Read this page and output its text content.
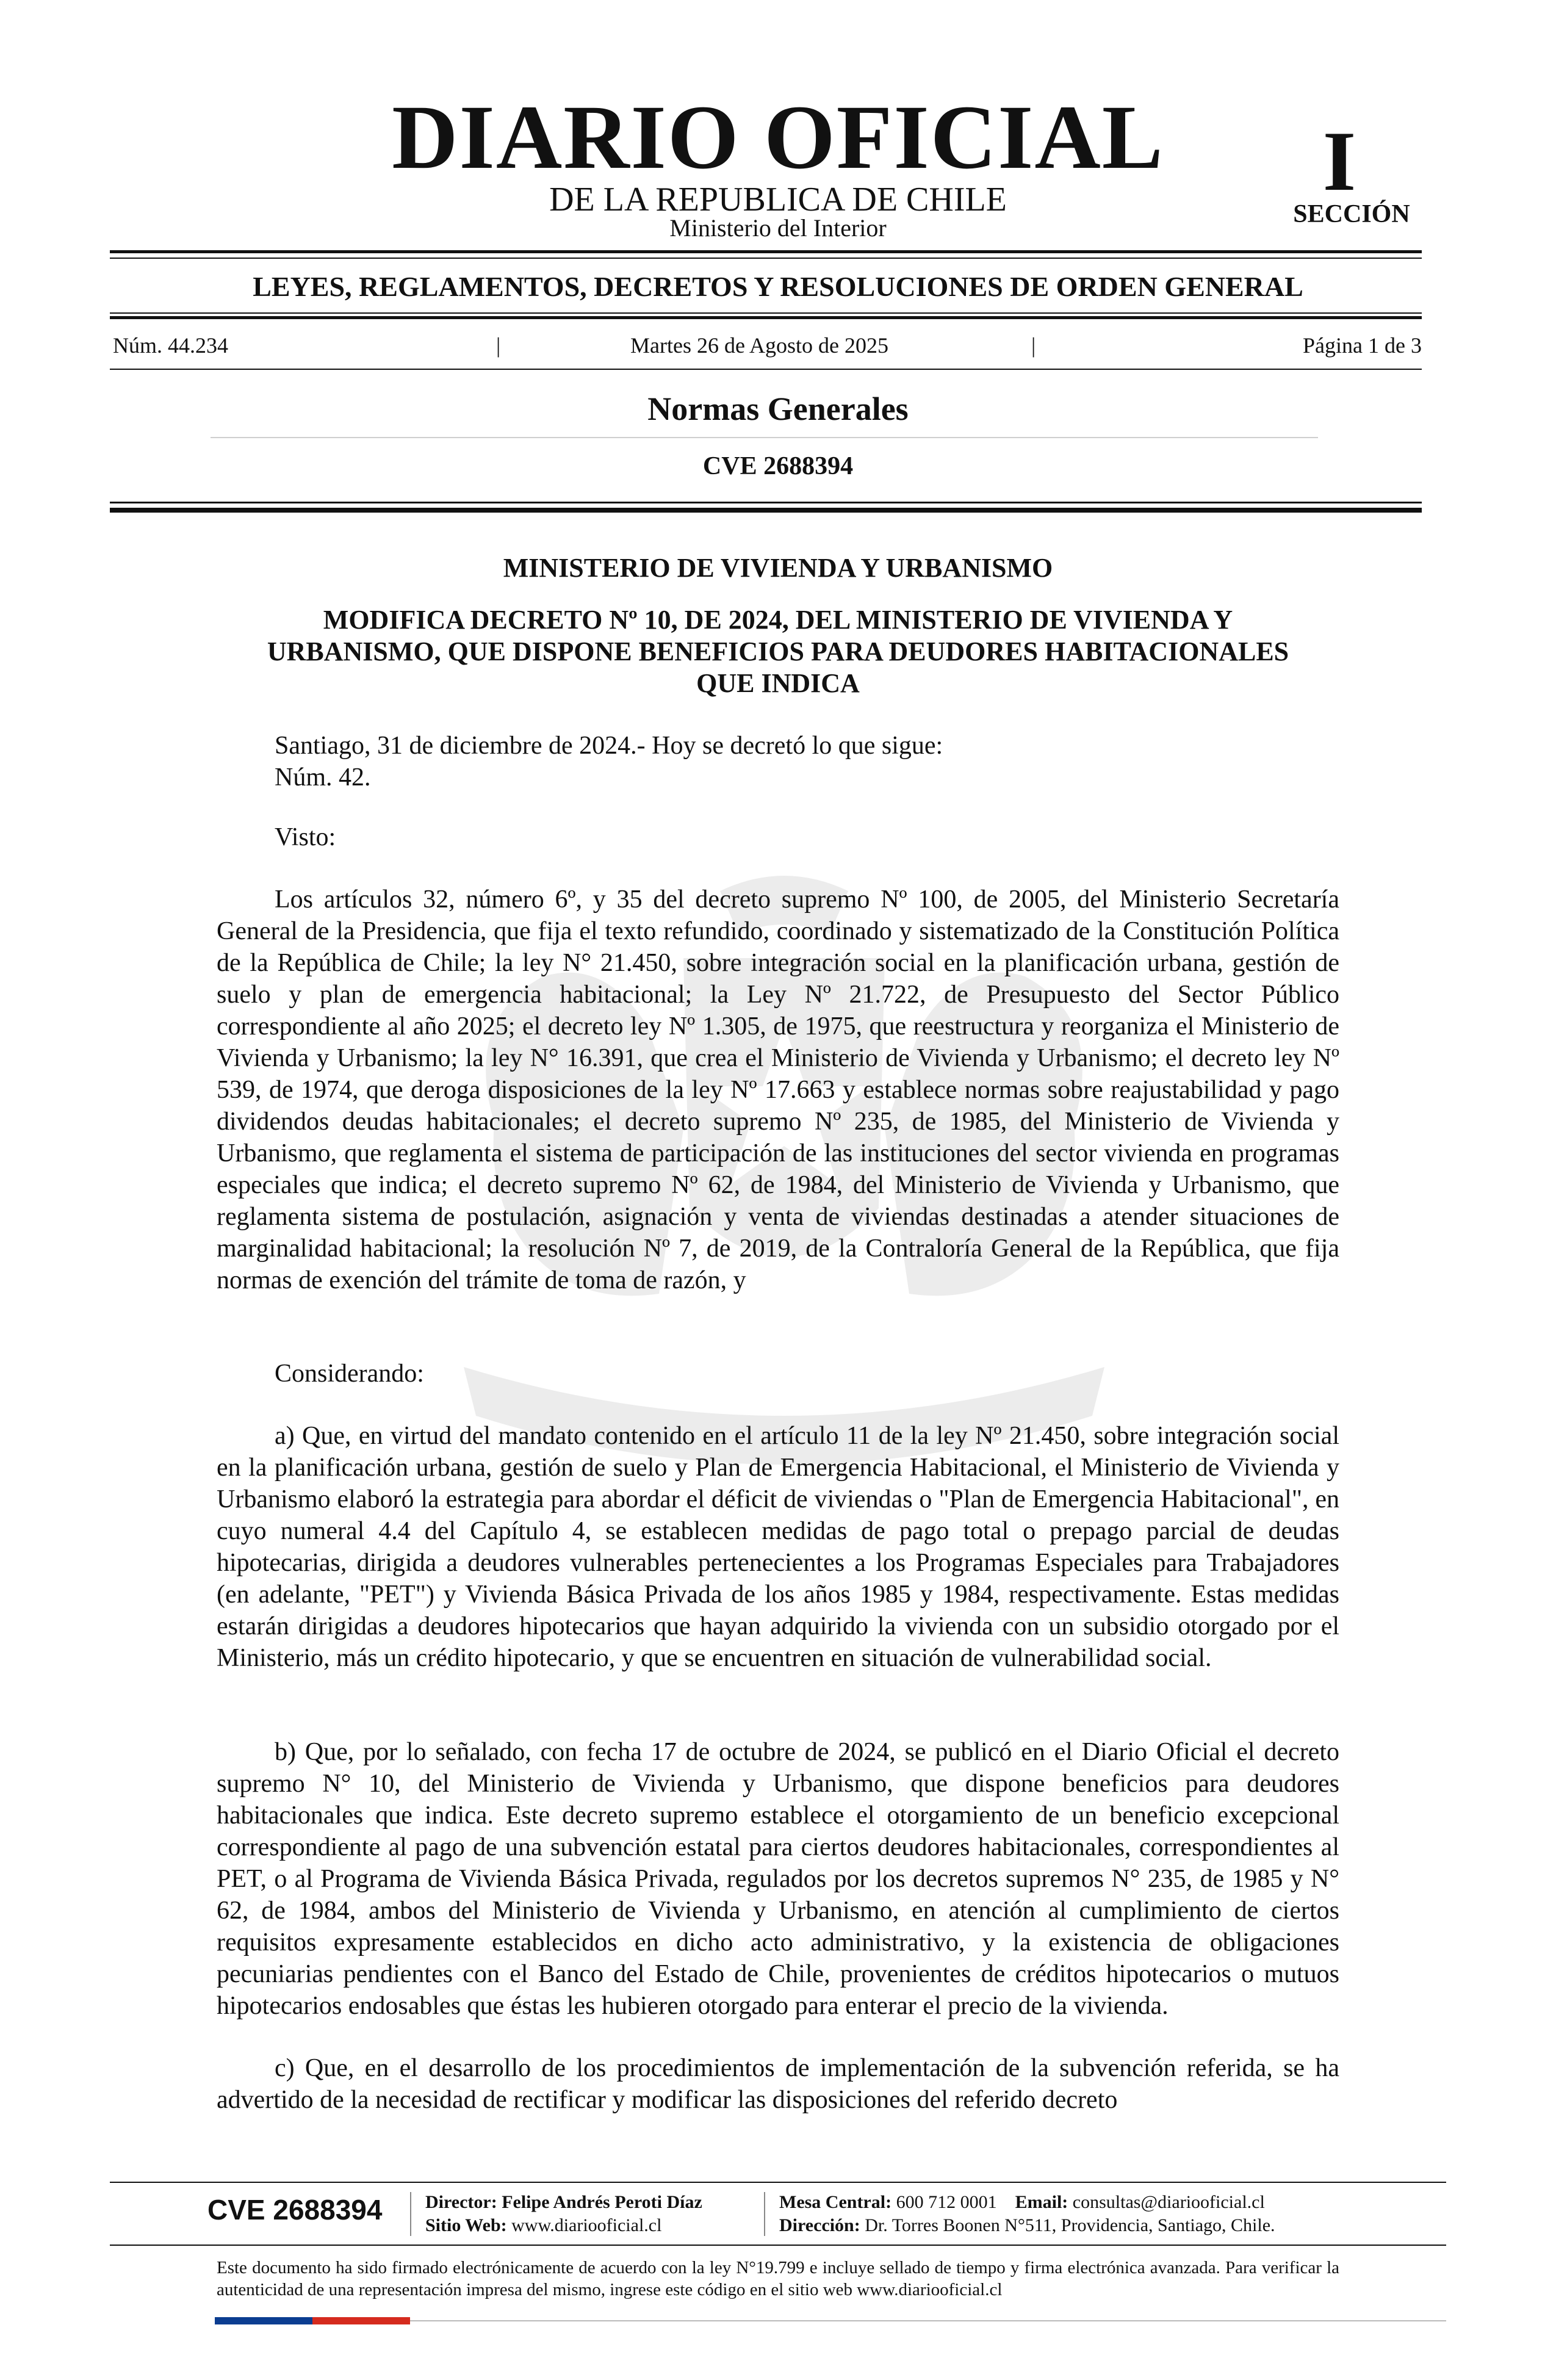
DIARIO OFICIAL
DE LA REPUBLICA DE CHILE
Ministerio del Interior
I
SECCIÓN
LEYES, REGLAMENTOS, DECRETOS Y RESOLUCIONES DE ORDEN GENERAL
Núm. 44.234	|	Martes 26 de Agosto de 2025	|	Página 1 de 3
Normas Generales
CVE 2688394
MINISTERIO DE VIVIENDA Y URBANISMO
MODIFICA DECRETO Nº 10, DE 2024, DEL MINISTERIO DE VIVIENDA Y
URBANISMO, QUE DISPONE BENEFICIOS PARA DEUDORES HABITACIONALES
QUE INDICA
Santiago, 31 de diciembre de 2024.- Hoy se decretó lo que sigue:
Núm. 42.
Visto:
Los artículos 32, número 6º, y 35 del decreto supremo Nº 100, de 2005, del Ministerio Secretaría General de la Presidencia, que fija el texto refundido, coordinado y sistematizado de la Constitución Política de la República de Chile; la ley N° 21.450, sobre integración social en la planificación urbana, gestión de suelo y plan de emergencia habitacional; la Ley Nº 21.722, de Presupuesto del Sector Público correspondiente al año 2025; el decreto ley Nº 1.305, de 1975, que reestructura y reorganiza el Ministerio de Vivienda y Urbanismo; la ley N° 16.391, que crea el Ministerio de Vivienda y Urbanismo; el decreto ley Nº 539, de 1974, que deroga disposiciones de la ley Nº 17.663 y establece normas sobre reajustabilidad y pago dividendos deudas habitacionales; el decreto supremo Nº 235, de 1985, del Ministerio de Vivienda y Urbanismo, que reglamenta el sistema de participación de las instituciones del sector vivienda en programas especiales que indica; el decreto supremo Nº 62, de 1984, del Ministerio de Vivienda y Urbanismo, que reglamenta sistema de postulación, asignación y venta de viviendas destinadas a atender situaciones de marginalidad habitacional; la resolución Nº 7, de 2019, de la Contraloría General de la República, que fija normas de exención del trámite de toma de razón, y
Considerando:
a) Que, en virtud del mandato contenido en el artículo 11 de la ley Nº 21.450, sobre integración social en la planificación urbana, gestión de suelo y Plan de Emergencia Habitacional, el Ministerio de Vivienda y Urbanismo elaboró la estrategia para abordar el déficit de viviendas o "Plan de Emergencia Habitacional", en cuyo numeral 4.4 del Capítulo 4, se establecen medidas de pago total o prepago parcial de deudas hipotecarias, dirigida a deudores vulnerables pertenecientes a los Programas Especiales para Trabajadores (en adelante, "PET") y Vivienda Básica Privada de los años 1985 y 1984, respectivamente. Estas medidas estarán dirigidas a deudores hipotecarios que hayan adquirido la vivienda con un subsidio otorgado por el Ministerio, más un crédito hipotecario, y que se encuentren en situación de vulnerabilidad social.
b) Que, por lo señalado, con fecha 17 de octubre de 2024, se publicó en el Diario Oficial el decreto supremo N° 10, del Ministerio de Vivienda y Urbanismo, que dispone beneficios para deudores habitacionales que indica. Este decreto supremo establece el otorgamiento de un beneficio excepcional correspondiente al pago de una subvención estatal para ciertos deudores habitacionales, correspondientes al PET, o al Programa de Vivienda Básica Privada, regulados por los decretos supremos N° 235, de 1985 y N° 62, de 1984, ambos del Ministerio de Vivienda y Urbanismo, en atención al cumplimiento de ciertos requisitos expresamente establecidos en dicho acto administrativo, y la existencia de obligaciones pecuniarias pendientes con el Banco del Estado de Chile, provenientes de créditos hipotecarios o mutuos hipotecarios endosables que éstas les hubieren otorgado para enterar el precio de la vivienda.
c) Que, en el desarrollo de los procedimientos de implementación de la subvención referida, se ha advertido de la necesidad de rectificar y modificar las disposiciones del referido decreto
CVE 2688394 Director: Felipe Andrés Peroti Díaz
Sitio Web: www.diariooficial.cl
Mesa Central: 600 712 0001 Email: consultas@diariooficial.cl
Dirección: Dr. Torres Boonen N°511, Providencia, Santiago, Chile.
Este documento ha sido firmado electrónicamente de acuerdo con la ley N°19.799 e incluye sellado de tiempo y firma electrónica avanzada. Para verificar la autenticidad de una representación impresa del mismo, ingrese este código en el sitio web www.diariooficial.cl
